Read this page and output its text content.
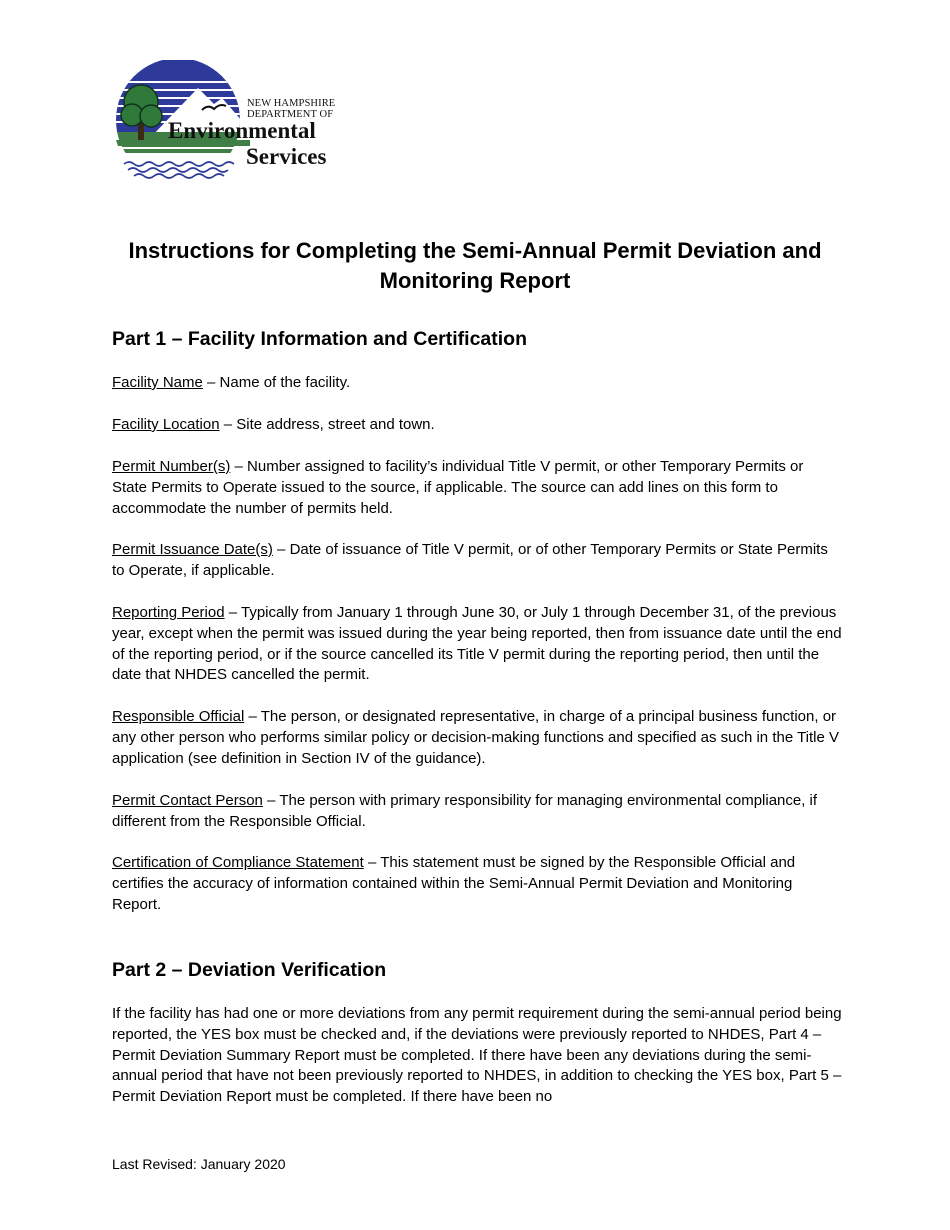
NEW HAMPSHIRE
DEPARTMENT OF
Environmental
Services
Instructions for Completing the Semi-Annual Permit Deviation and Monitoring Report
Part 1 – Facility Information and Certification

Facility Name – Name of the facility.

Facility Location – Site address, street and town.

Permit Number(s) – Number assigned to facility’s individual Title V permit, or other Temporary Permits or State Permits to Operate issued to the source, if applicable. The source can add lines on this form to accommodate the number of permits held.

Permit Issuance Date(s) – Date of issuance of Title V permit, or of other Temporary Permits or State Permits to Operate, if applicable.

Reporting Period – Typically from January 1 through June 30, or July 1 through December 31, of the previous year, except when the permit was issued during the year being reported, then from issuance date until the end of the reporting period, or if the source cancelled its Title V permit during the reporting period, then until the date that NHDES cancelled the permit.

Responsible Official – The person, or designated representative, in charge of a principal business function, or any other person who performs similar policy or decision-making functions and specified as such in the Title V application (see definition in Section IV of the guidance).

Permit Contact Person – The person with primary responsibility for managing environmental compliance, if different from the Responsible Official.

Certification of Compliance Statement – This statement must be signed by the Responsible Official and certifies the accuracy of information contained within the Semi-Annual Permit Deviation and Monitoring Report.

Part 2 – Deviation Verification

If the facility has had one or more deviations from any permit requirement during the semi-annual period being reported, the YES box must be checked and, if the deviations were previously reported to NHDES, Part 4 – Permit Deviation Summary Report must be completed. If there have been any deviations during the semi-annual period that have not been previously reported to NHDES, in addition to checking the YES box, Part 5 – Permit Deviation Report must be completed. If there have been no

Last Revised: January 2020
